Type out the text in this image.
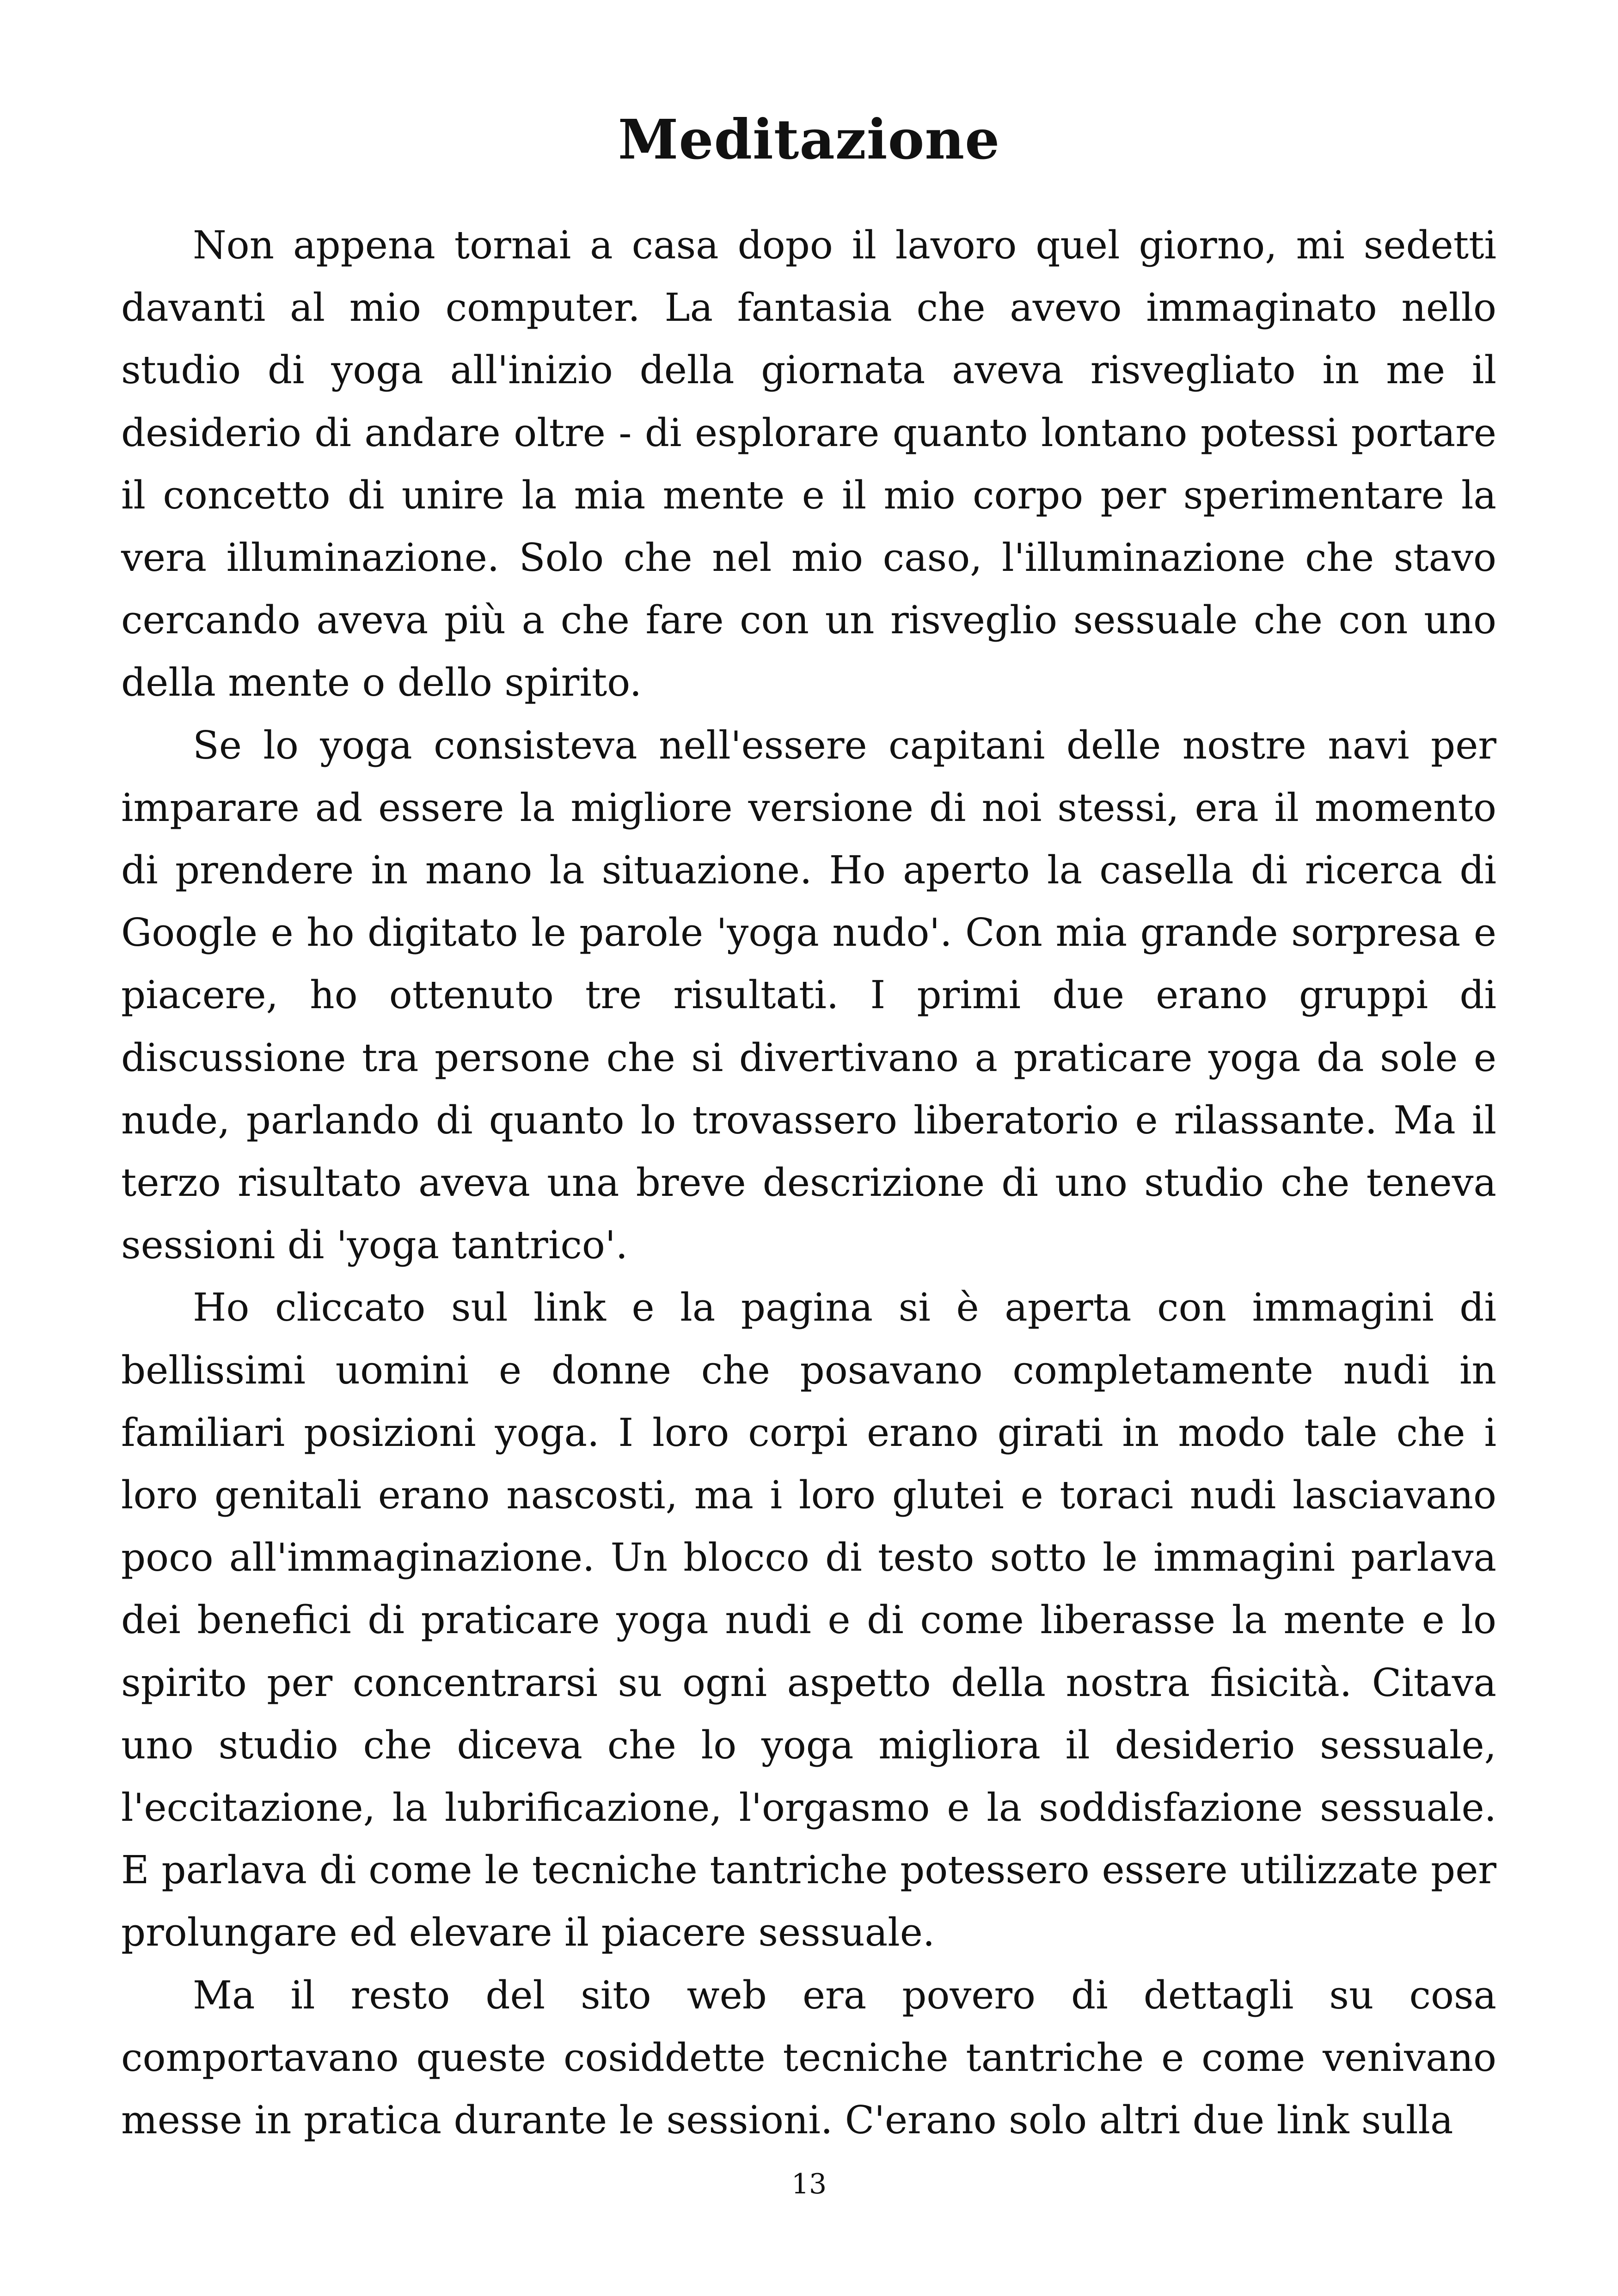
Meditazione

Non appena tornai a casa dopo il lavoro quel giorno, mi sedetti davanti al mio computer. La fantasia che avevo immaginato nello studio di yoga all'inizio della giornata aveva risvegliato in me il desiderio di andare oltre - di esplorare quanto lontano potessi portare il concetto di unire la mia mente e il mio corpo per sperimentare la vera illuminazione. Solo che nel mio caso, l'illuminazione che stavo cercando aveva più a che fare con un risveglio sessuale che con uno della mente o dello spirito.

Se lo yoga consisteva nell'essere capitani delle nostre navi per imparare ad essere la migliore versione di noi stessi, era il momento di prendere in mano la situazione. Ho aperto la casella di ricerca di Google e ho digitato le parole 'yoga nudo'. Con mia grande sorpresa e piacere, ho ottenuto tre risultati. I primi due erano gruppi di discussione tra persone che si divertivano a praticare yoga da sole e nude, parlando di quanto lo trovassero liberatorio e rilassante. Ma il terzo risultato aveva una breve descrizione di uno studio che teneva sessioni di 'yoga tantrico'.

Ho cliccato sul link e la pagina si è aperta con immagini di bellissimi uomini e donne che posavano completamente nudi in familiari posizioni yoga. I loro corpi erano girati in modo tale che i loro genitali erano nascosti, ma i loro glutei e toraci nudi lasciavano poco all'immaginazione. Un blocco di testo sotto le immagini parlava dei benefici di praticare yoga nudi e di come liberasse la mente e lo spirito per concentrarsi su ogni aspetto della nostra fisicità. Citava uno studio che diceva che lo yoga migliora il desiderio sessuale, l'eccitazione, la lubrificazione, l'orgasmo e la soddisfazione sessuale. E parlava di come le tecniche tantriche potessero essere utilizzate per prolungare ed elevare il piacere sessuale.

Ma il resto del sito web era povero di dettagli su cosa comportavano queste cosiddette tecniche tantriche e come venivano messe in pratica durante le sessioni. C'erano solo altri due link sulla

13
